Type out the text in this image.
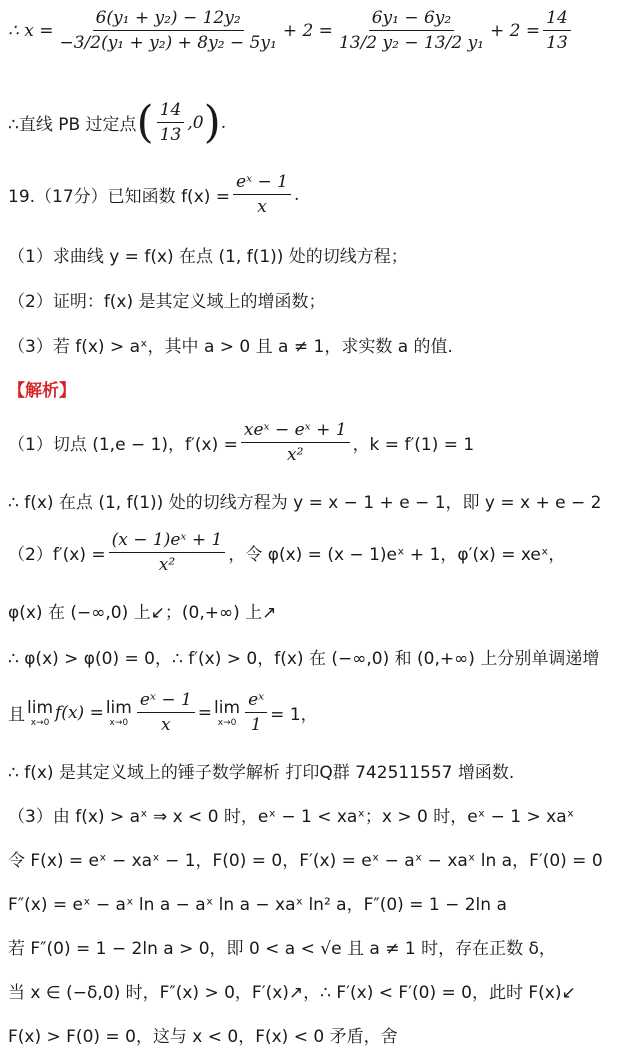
∴ $x = \frac{\text{6(y₁ + y₂) − 12y₂}}{\text{−3/2(y₁ + y₂) + 8y₂ − 5y₁}} + 2 = \frac{\text{6y₁ − 6y₂}}{\text{13/2 y₂ − 13/2 y₁}} + 2 = \frac{14}{13}$
∴直线 PB 过定点 ( $\frac{14}{13} ,0$ ) .
19.（17分）已知函数 $f(x) = \frac{\text{eˣ − 1}}{x}$ .
（1）求曲线 y = f(x) 在点 (1, f(1)) 处的切线方程；
（2）证明：f(x) 是其定义域上的增函数；
（3）若 f(x) > aˣ，其中 a > 0 且 a ≠ 1，求实数 a 的值.
【解析】
（1）切点 (1,e − 1)，$f'(x) = \frac{\text{xeˣ − eˣ + 1}}{\text{x²}}$ ，k = f′(1) = 1
∴ f(x) 在点 (1, f(1)) 处的切线方程为 y = x − 1 + e − 1，即 y = x + e − 2
$(2)f'(x) = \frac{\text{(x − 1)eˣ + 1}}{\text{x²}}$ ，令 φ(x) = (x − 1)eˣ + 1，φ′(x) = xeˣ，
φ(x) 在 (−∞,0) 上↙；(0,+∞) 上↗
∴ φ(x) > φ(0) = 0，∴ f′(x) > 0，f(x) 在 (−∞,0) 和 (0,+∞) 上分别单调递增
且 lim
x→0 f(x) = lim
$x\to 0 \frac{\text{eˣ − 1}}{x} = \lim$
$x\to 0 \frac{\text{eˣ}}{1} = 1$，
∴ f(x) 是其定义域上的锤子数学解析 打印Q群 742511557 增函数.
（3）由 f(x) > aˣ ⇒ x < 0 时，eˣ − 1 < xaˣ；x > 0 时，eˣ − 1 > xaˣ
令 F(x) = eˣ − xaˣ − 1，F(0) = 0，F′(x) = eˣ − aˣ − xaˣ ln a，F′(0) = 0
F″(x) = eˣ − aˣ ln a − aˣ ln a − xaˣ ln² a，F″(0) = 1 − 2ln a
若 F″(0) = 1 − 2ln a > 0，即 0 < a < √e 且 a ≠ 1 时，存在正数 δ，
当 x ∈ (−δ,0) 时，F″(x) > 0，F′(x)↗，∴ F′(x) < F′(0) = 0，此时 F(x)↙
F(x) > F(0) = 0，这与 x < 0，F(x) < 0 矛盾，舍
